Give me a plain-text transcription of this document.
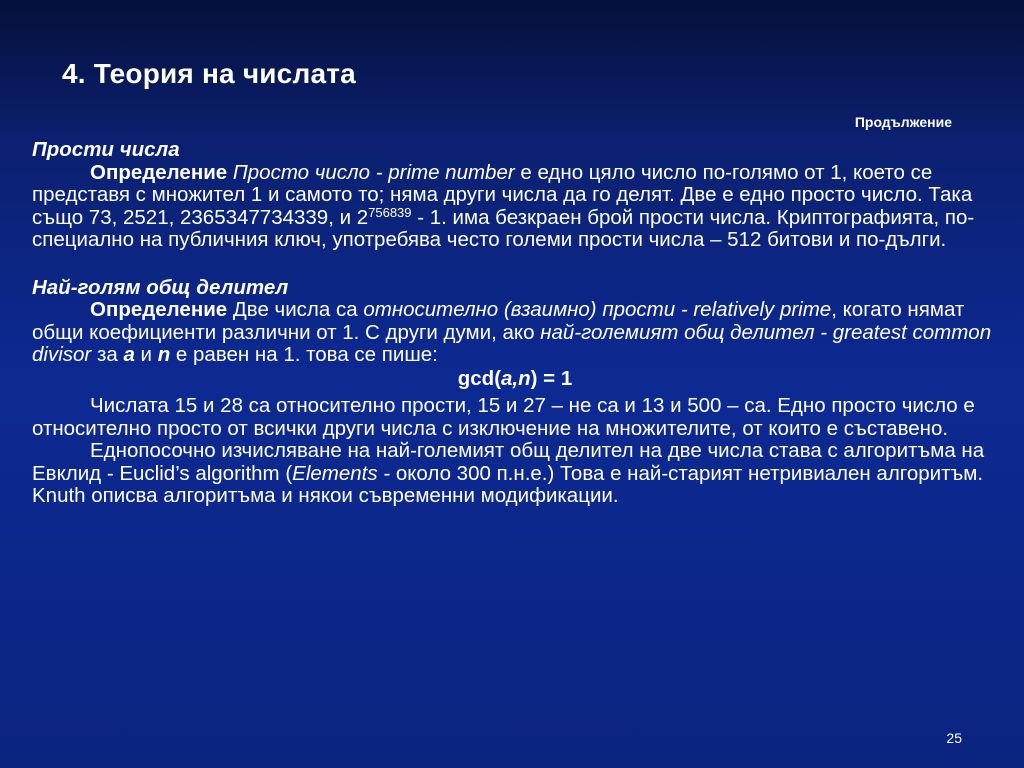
4. Теория на числата
Продължение
Прости числа

Определение Просто число - prime number е едно цяло число по-голямо от 1, което се представя с множител 1 и самото то; няма други числа да го делят. Две е едно просто число. Така също 73, 2521, 2365347734339, и $2^{756839} - 1$. има безкраен брой прости числа. Криптографията, по-специално на публичния ключ, употребява често големи прости числа – 512 битови и по-дълги.

Най-голям общ делител

Определение Две числа са относително (взаимно) прости - relatively prime, когато нямат общи коефициенти различни от 1. С други думи, ако най-голeмият общ делител - greatest common divisor за a и n е равен на 1. това се пише:

gcd(a,n) = 1

Числата 15 и 28 са относително прости, 15 и 27 – не са и 13 и 500 – са. Едно просто число е относително просто от всички други числа с изключение на множителите, от които е съставено.

Еднопосочно изчисляване на най-голeмият общ делител на две числа става с алгоритъма на Евклид - Euclid’s algorithm (Elements - около 300 п.н.е.) Това е най-старият нетривиален алгоритъм. Knuth описва алгоритъма и някои съвременни модификации.

25
